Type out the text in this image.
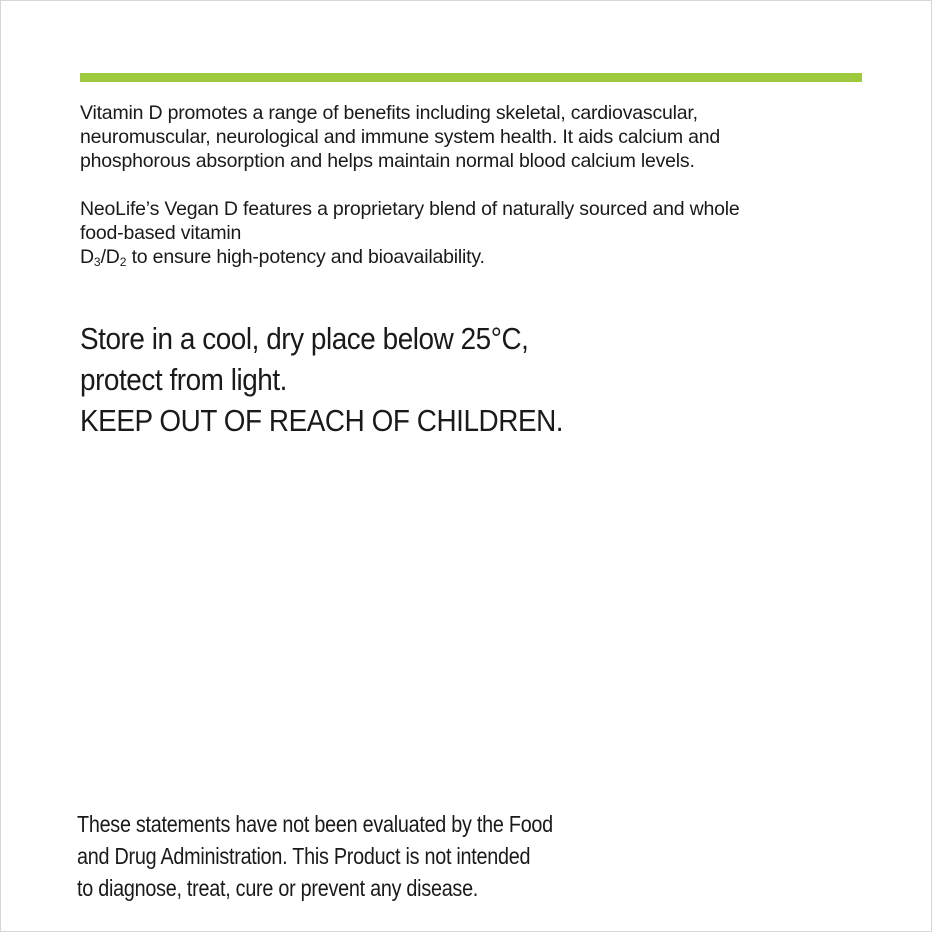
Vitamin D promotes a range of benefits including skeletal, cardiovascular,
neuromuscular, neurological and immune system health. It aids calcium and
phosphorous absorption and helps maintain normal blood calcium levels.

NeoLife’s Vegan D features a proprietary blend of naturally sourced and whole
food-based vitamin
$D_3/D_2$ to ensure high-potency and bioavailability.

Store in a cool, dry place below 25°C,
protect from light.
KEEP OUT OF REACH OF CHILDREN.
These statements have not been evaluated by the Food
and Drug Administration. This Product is not intended
to diagnose, treat, cure or prevent any disease.
